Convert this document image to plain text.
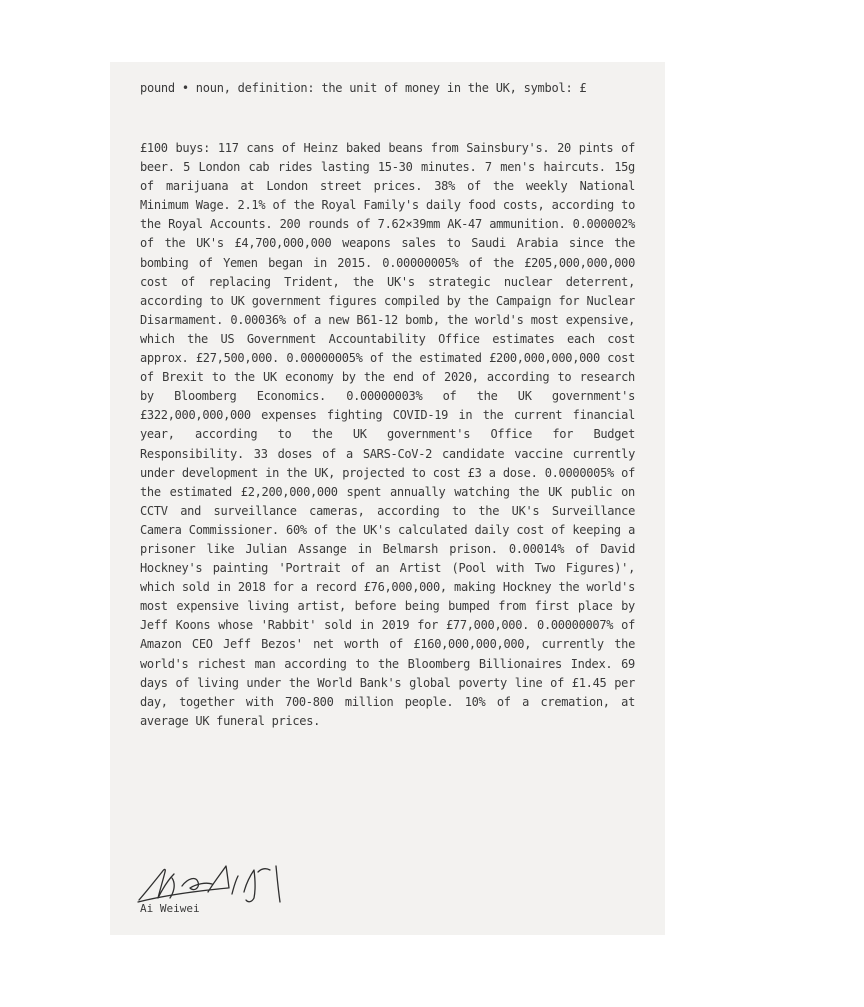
pound • noun, definition: the unit of money in the UK, symbol: £

£100 buys: 117 cans of Heinz baked beans from Sainsbury's. 20 pints of beer. 5 London cab rides lasting 15-30 minutes. 7 men's haircuts. 15g of marijuana at London street prices. 38% of the weekly National Minimum Wage. 2.1% of the Royal Family's daily food costs, according to the Royal Accounts. 200 rounds of 7.62×39mm AK-47 ammunition. 0.000002% of the UK's £4,700,000,000 weapons sales to Saudi Arabia since the bombing of Yemen began in 2015. 0.00000005% of the £205,000,000,000 cost of replacing Trident, the UK's strategic nuclear deterrent, according to UK government figures compiled by the Campaign for Nuclear Disarmament. 0.00036% of a new B61-12 bomb, the world's most expensive, which the US Government Accountability Office estimates each cost approx. £27,500,000. 0.00000005% of the estimated £200,000,000,000 cost of Brexit to the UK economy by the end of 2020, according to research by Bloomberg Economics. 0.00000003% of the UK government's £322,000,000,000 expenses fighting COVID-19 in the current financial year, according to the UK government's Office for Budget Responsibility. 33 doses of a SARS-CoV-2 candidate vaccine currently under development in the UK, projected to cost £3 a dose. 0.0000005% of the estimated £2,200,000,000 spent annually watching the UK public on CCTV and surveillance cameras, according to the UK's Surveillance Camera Commissioner. 60% of the UK's calculated daily cost of keeping a prisoner like Julian Assange in Belmarsh prison. 0.00014% of David Hockney's painting 'Portrait of an Artist (Pool with Two Figures)', which sold in 2018 for a record £76,000,000, making Hockney the world's most expensive living artist, before being bumped from first place by Jeff Koons whose 'Rabbit' sold in 2019 for £77,000,000. 0.00000007% of Amazon CEO Jeff Bezos' net worth of £160,000,000,000, currently the world's richest man according to the Bloomberg Billionaires Index. 69 days of living under the World Bank's global poverty line of £1.45 per day, together with 700-800 million people. 10% of a cremation, at average UK funeral prices.
Ai Weiwei
